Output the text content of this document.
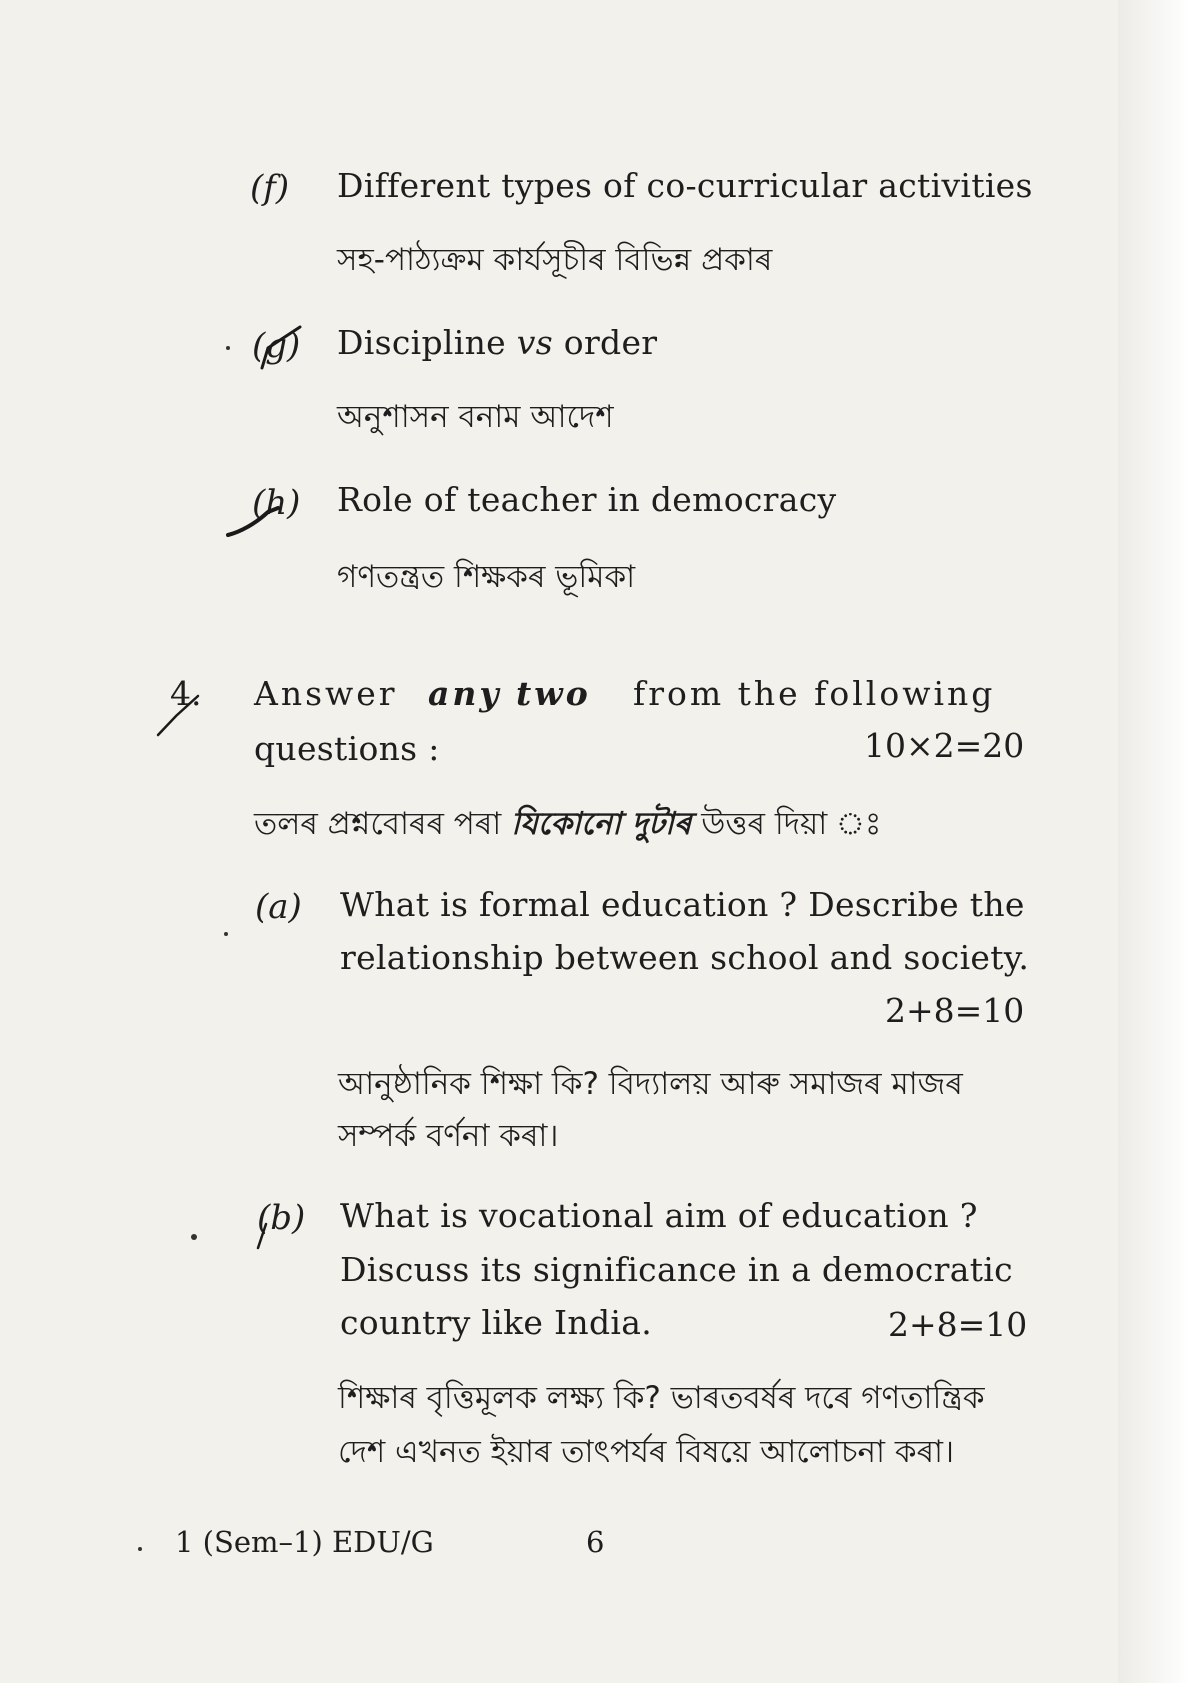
(f) Different types of co-curricular activities
সহ-পাঠ্যক্রম কার্যসূচীৰ বিভিন্ন প্ৰকাৰ
(g) Discipline vs order
অনুশাসন বনাম আদেশ
(h) Role of teacher in democracy
গণতন্ত্ৰত শিক্ষকৰ ভূমিকা
4. Answer any two from the following
questions :	10×2=20
তলৰ প্ৰশ্নবোৰৰ পৰা যিকোনো দুটাৰ উত্তৰ দিয়া ঃ
(a) What is formal education ? Describe the
relationship between school and society.
2+8=10
আনুষ্ঠানিক শিক্ষা কি? বিদ্যালয় আৰু সমাজৰ মাজৰ
সম্পৰ্ক বৰ্ণনা কৰা।
(b) What is vocational aim of education ?
Discuss its significance in a democratic
country like India.	2+8=10
শিক্ষাৰ বৃত্তিমূলক লক্ষ্য কি? ভাৰতবৰ্ষৰ দৰে গণতান্ত্ৰিক
দেশ এখনত ইয়াৰ তাৎপৰ্যৰ বিষয়ে আলোচনা কৰা।
1 (Sem–1) EDU/G	6
